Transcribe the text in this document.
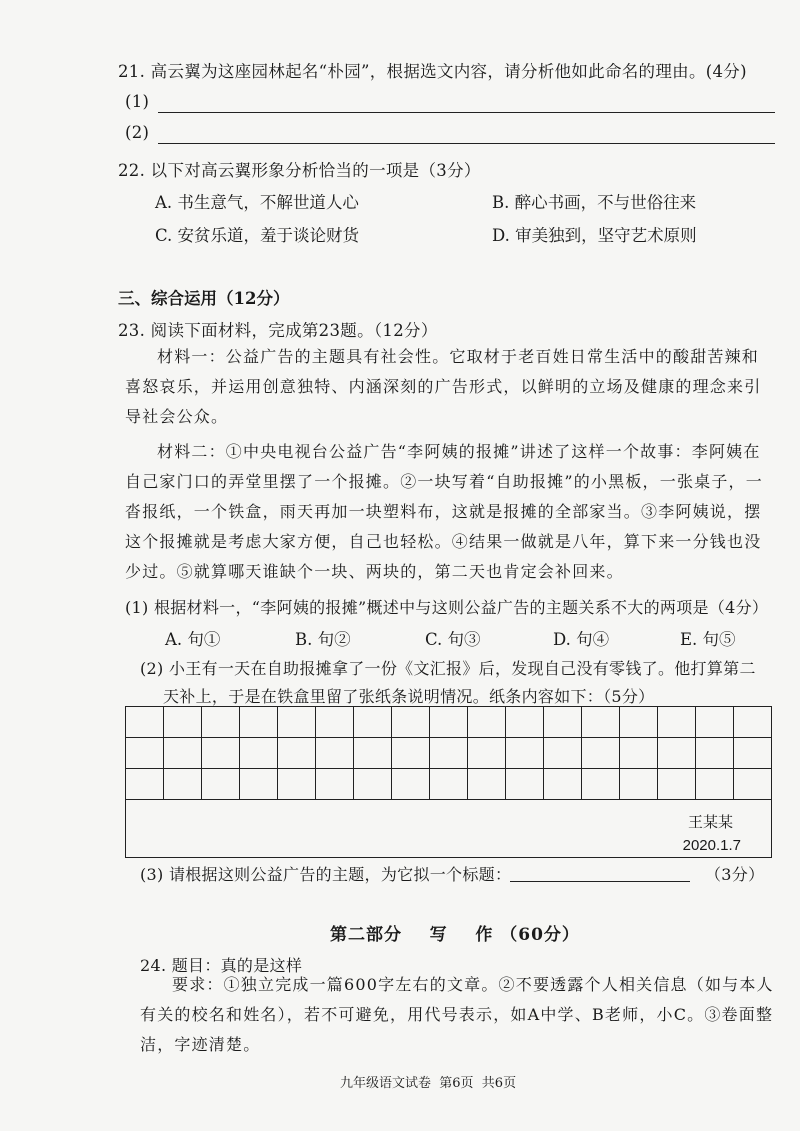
21. 高云翼为这座园林起名“朴园”，根据选文内容，请分析他如此命名的理由。(4分)
(1)
(2)
22. 以下对高云翼形象分析恰当的一项是（3分）
A. 书生意气，不解世道人心	B. 醉心书画，不与世俗往来
C. 安贫乐道，羞于谈论财货	D. 审美独到，坚守艺术原则
三、综合运用（12分）
23. 阅读下面材料，完成第23题。（12分）
材料一：公益广告的主题具有社会性。它取材于老百姓日常生活中的酸甜苦辣和喜怒哀乐，并运用创意独特、内涵深刻的广告形式，以鲜明的立场及健康的理念来引导社会公众。
材料二：①中央电视台公益广告“李阿姨的报摊”讲述了这样一个故事：李阿姨在自己家门口的弄堂里摆了一个报摊。②一块写着“自助报摊”的小黑板，一张桌子，一沓报纸，一个铁盒，雨天再加一块塑料布，这就是报摊的全部家当。③李阿姨说，摆这个报摊就是考虑大家方便，自己也轻松。④结果一做就是八年，算下来一分钱也没少过。⑤就算哪天谁缺个一块、两块的，第二天也肯定会补回来。
(1) 根据材料一，“李阿姨的报摊”概述中与这则公益广告的主题关系不大的两项是（4分）
A. 句①	B. 句②	C. 句③	D. 句④	E. 句⑤
(2) 小王有一天在自助报摊拿了一份《文汇报》后，发现自己没有零钱了。他打算第二
天补上，于是在铁盒里留了张纸条说明情况。纸条内容如下：（5分）
王某某
2020.1.7
(3) 请根据这则公益广告的主题，为它拟一个标题：	（3分）
第二部分    写    作 （60分）
24. 题目：真的是这样
要求：①独立完成一篇600字左右的文章。②不要透露个人相关信息（如与本人有关的校名和姓名），若不可避免，用代号表示，如A中学、B老师，小C。③卷面整洁，字迹清楚。
九年级语文试卷  第6页  共6页
